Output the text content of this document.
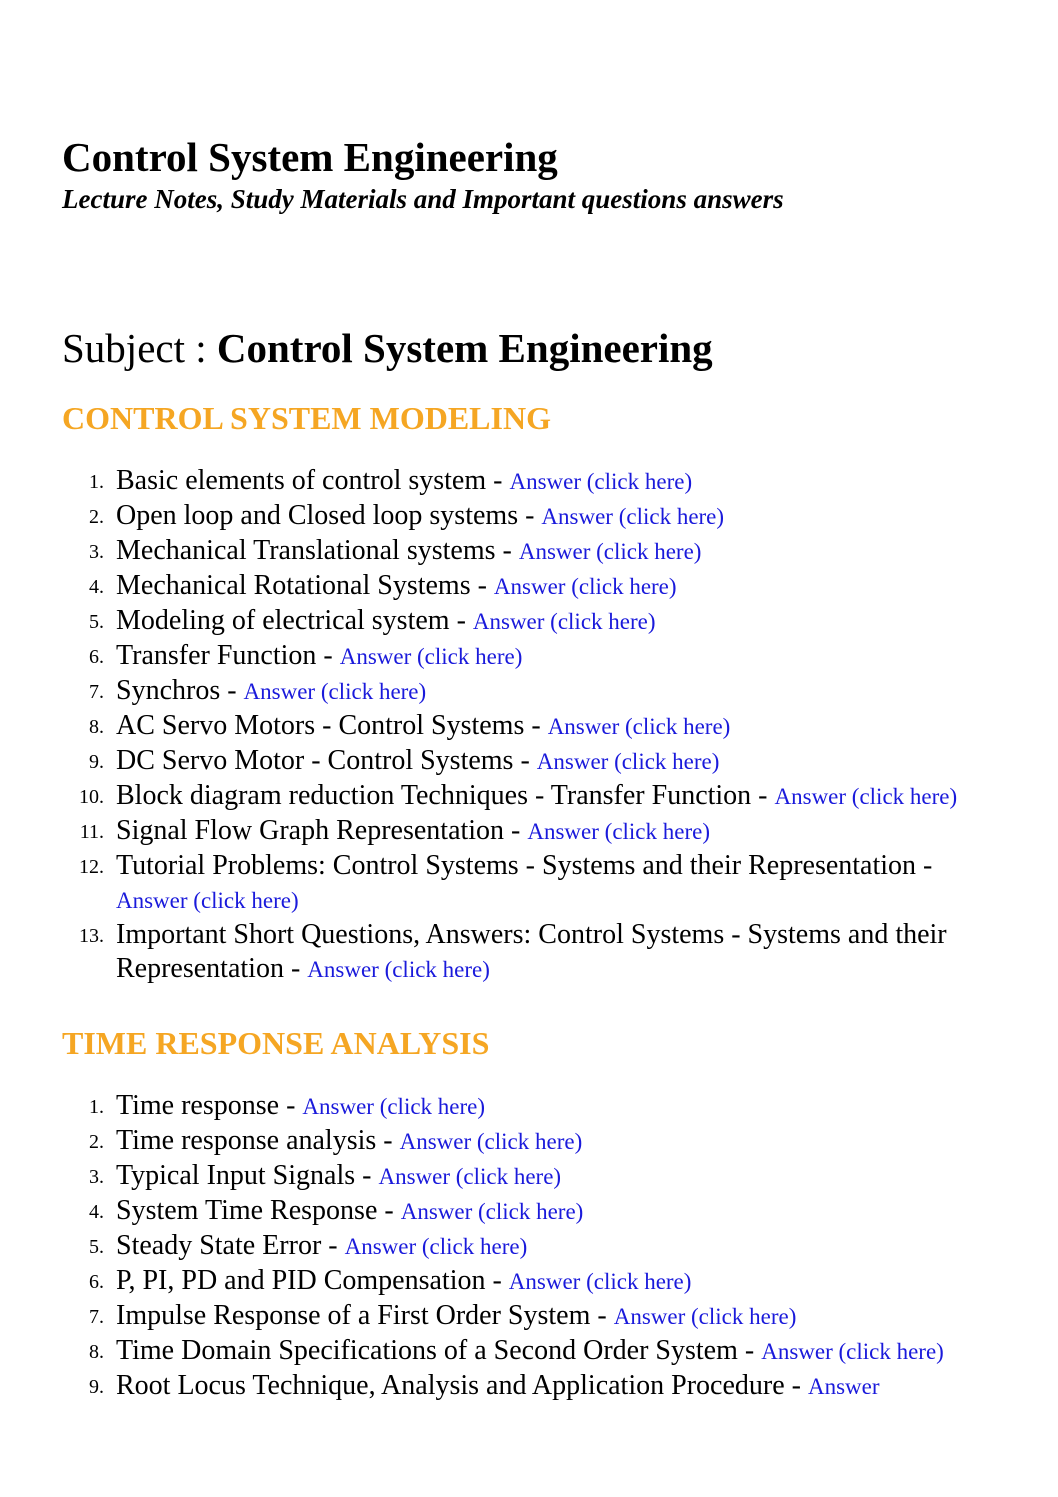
Control System Engineering

Lecture Notes, Study Materials and Important questions answers

Subject : Control System Engineering
CONTROL SYSTEM MODELING
1. Basic elements of control system - Answer (click here)
2. Open loop and Closed loop systems - Answer (click here)
3. Mechanical Translational systems - Answer (click here)
4. Mechanical Rotational Systems - Answer (click here)
5. Modeling of electrical system - Answer (click here)
6. Transfer Function - Answer (click here)
7. Synchros - Answer (click here)
8. AC Servo Motors - Control Systems - Answer (click here)
9. DC Servo Motor - Control Systems - Answer (click here)
10. Block diagram reduction Techniques - Transfer Function - Answer (click here)
11. Signal Flow Graph Representation - Answer (click here)
12. Tutorial Problems: Control Systems - Systems and their Representation - Answer (click here)
13. Important Short Questions, Answers: Control Systems - Systems and their Representation - Answer (click here)
TIME RESPONSE ANALYSIS
1. Time response - Answer (click here)
2. Time response analysis - Answer (click here)
3. Typical Input Signals - Answer (click here)
4. System Time Response - Answer (click here)
5. Steady State Error - Answer (click here)
6. P, PI, PD and PID Compensation - Answer (click here)
7. Impulse Response of a First Order System - Answer (click here)
8. Time Domain Specifications of a Second Order System - Answer (click here)
9. Root Locus Technique, Analysis and Application Procedure - Answer
